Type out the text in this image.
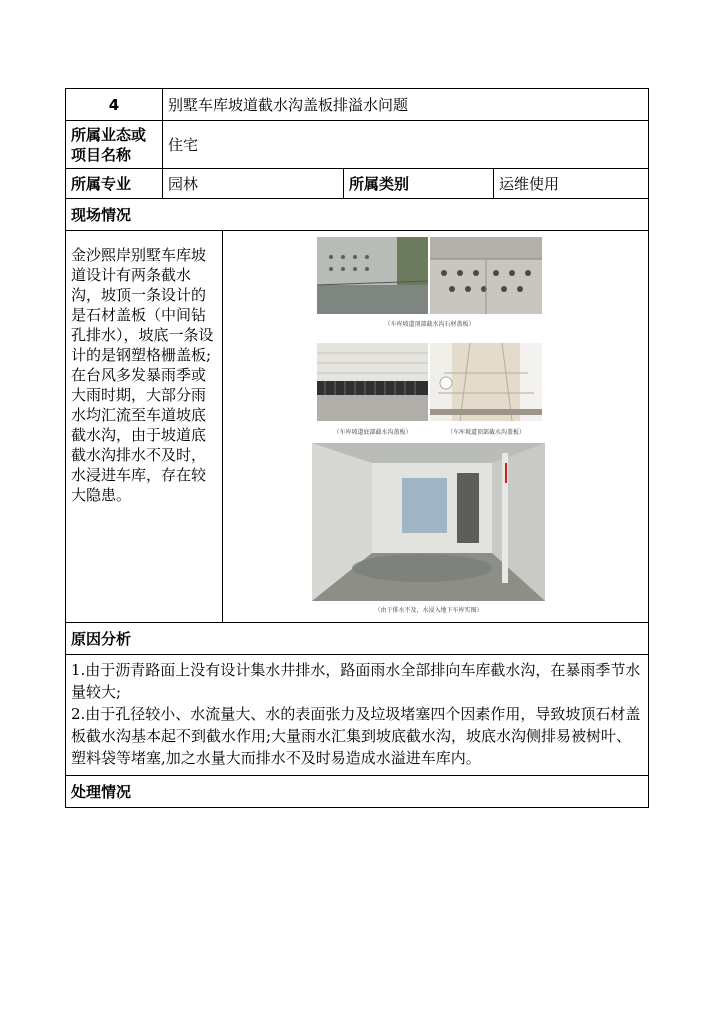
4	别墅车库坡道截水沟盖板排溢水问题			
所属业态或
项目名称	住宅			
所属专业	园林		所属类别	运维使用
现场情况				
金沙熙岸别墅车库坡道设计有两条截水沟，坡顶一条设计的是石材盖板（中间钻孔排水），坡底一条设计的是钢塑格栅盖板;在台风多发暴雨季或大雨时期，大部分雨水均汇流至车道坡底截水沟，由于坡道底截水沟排水不及时，水浸进车库，存在较大隐患。		（车库坡道顶部截水沟石材盖板）
（车库坡道底部截水沟盖板） （车库坡道顶部截水沟盖板）
（由于排水不及，水浸入地下车库实图）		

原因分析				

1.由于沥青路面上没有设计集水井排水，路面雨水全部排向车库截水沟，在暴雨季节水量较大;

2.由于孔径较小、水流量大、水的表面张力及垃圾堵塞四个因素作用，导致坡顶石材盖板截水沟基本起不到截水作用;大量雨水汇集到坡底截水沟，坡底水沟侧排易被树叶、塑料袋等堵塞,加之水量大而排水不及时易造成水溢进车库内。				

处理情况				
